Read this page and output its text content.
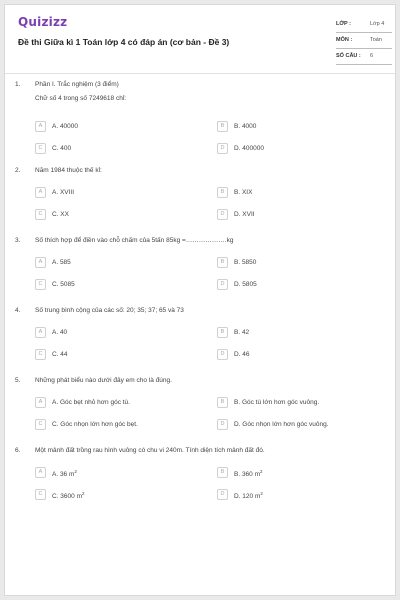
Quizizz
Đề thi Giữa kì 1 Toán lớp 4 có đáp án (cơ bản - Đề 3)
LỚP :	Lớp 4
MÔN :	Toán
SỐ CÂU : 6
1. Phần I. Trắc nghiệm (3 điểm)
Chữ số 4 trong số 7249618 chỉ:
A	A. 40000	B	B. 4000
C	C. 400	D	D. 400000
2. Năm 1984 thuộc thế kỉ:
A	A. XVIII	B	B. XIX
C	C. XX	D	D. XVII
3. Số thích hợp để điền vào chỗ chấm của 5tấn 85kg =……………….kg
A	A. 585	B	B. 5850
C	C. 5085	D	D. 5805
4. Số trung bình cộng của các số: 20; 35; 37; 65 và 73
A	A. 40	B	B. 42
C	C. 44	D	D. 46
5. Những phát biểu nào dưới đây em cho là đúng.
A	A. Góc bẹt nhỏ hơn góc tù.	B	B. Góc tù lớn hơn góc vuông.
C	C. Góc nhọn lớn hơn góc bẹt.	D	D. Góc nhọn lớn hơn góc vuông.
6. Một mảnh đất trồng rau hình vuông có chu vi 240m. Tính diện tích mảnh đất đó.
A	A. 36 $m^2$	B	B. 360 $m^2$
C	C. 3600 $m^2$	D	D. 120 $m^2$
